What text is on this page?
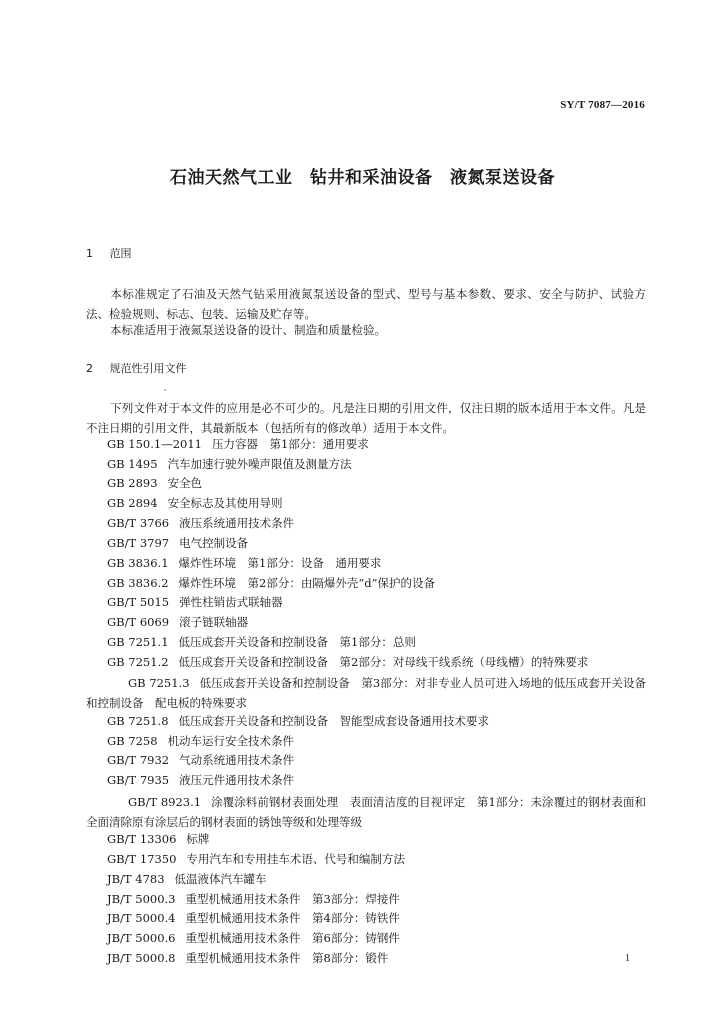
SY/T 7087—2016
石油天然气工业　钻井和采油设备　液氮泵送设备
1 范围
本标准规定了石油及天然气钻采用液氮泵送设备的型式、型号与基本参数、要求、安全与防护、试验方法、检验规则、标志、包装、运输及贮存等。
本标准适用于液氮泵送设备的设计、制造和质量检验。
2 规范性引用文件
,
下列文件对于本文件的应用是必不可少的。凡是注日期的引用文件，仅注日期的版本适用于本文件。凡是不注日期的引用文件，其最新版本（包括所有的修改单）适用于本文件。
GB 150.1—2011 压力容器　第1部分：通用要求
GB 1495 汽车加速行驶外噪声限值及测量方法
GB 2893 安全色
GB 2894 安全标志及其使用导则
GB/T 3766 液压系统通用技术条件
GB/T 3797 电气控制设备
GB 3836.1 爆炸性环境　第1部分：设备　通用要求
GB 3836.2 爆炸性环境　第2部分：由隔爆外壳“d”保护的设备
GB/T 5015 弹性柱销齿式联轴器
GB/T 6069 滚子链联轴器
GB 7251.1 低压成套开关设备和控制设备　第1部分：总则
GB 7251.2 低压成套开关设备和控制设备　第2部分：对母线干线系统（母线槽）的特殊要求
GB 7251.3 低压成套开关设备和控制设备　第3部分：对非专业人员可进入场地的低压成套开关设备和控制设备　配电板的特殊要求
GB 7251.8 低压成套开关设备和控制设备　智能型成套设备通用技术要求
GB 7258 机动车运行安全技术条件
GB/T 7932 气动系统通用技术条件
GB/T 7935 液压元件通用技术条件
GB/T 8923.1 涂覆涂料前钢材表面处理　表面清洁度的目视评定　第1部分：未涂覆过的钢材表面和全面清除原有涂层后的钢材表面的锈蚀等级和处理等级
GB/T 13306 标牌
GB/T 17350 专用汽车和专用挂车术语、代号和编制方法
JB/T 4783 低温液体汽车罐车
JB/T 5000.3 重型机械通用技术条件　第3部分：焊接件
JB/T 5000.4 重型机械通用技术条件　第4部分：铸铁件
JB/T 5000.6 重型机械通用技术条件　第6部分：铸钢件
JB/T 5000.8 重型机械通用技术条件　第8部分：锻件	1
